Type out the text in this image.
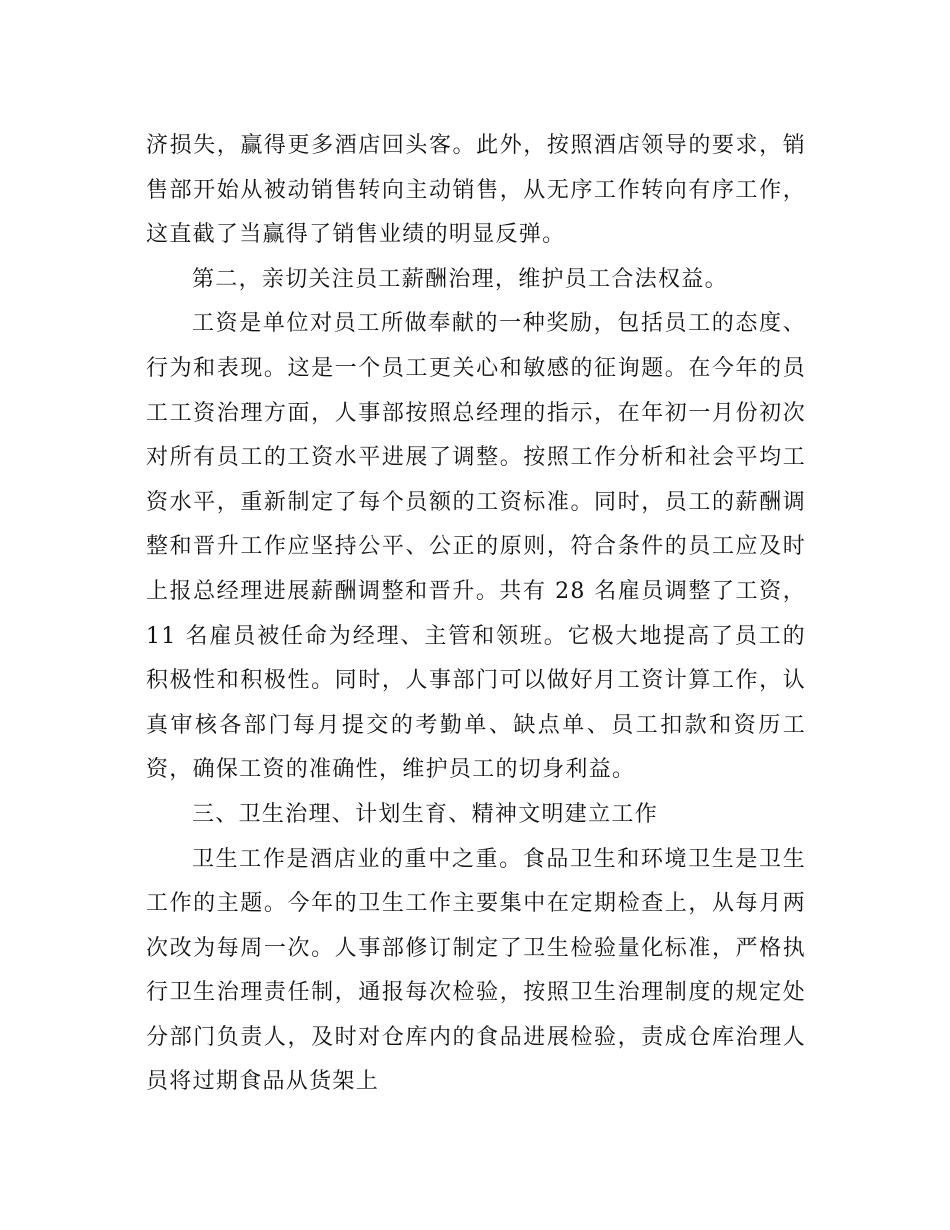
济损失，赢得更多酒店回头客。此外，按照酒店领导的要求，销售部开始从被动销售转向主动销售，从无序工作转向有序工作，这直截了当赢得了销售业绩的明显反弹。

第二，亲切关注员工薪酬治理，维护员工合法权益。

工资是单位对员工所做奉献的一种奖励，包括员工的态度、行为和表现。这是一个员工更关心和敏感的征询题。在今年的员工工资治理方面，人事部按照总经理的指示，在年初一月份初次对所有员工的工资水平进展了调整。按照工作分析和社会平均工资水平，重新制定了每个员额的工资标准。同时，员工的薪酬调整和晋升工作应坚持公平、公正的原则，符合条件的员工应及时上报总经理进展薪酬调整和晋升。共有 28 名雇员调整了工资，11 名雇员被任命为经理、主管和领班。它极大地提高了员工的积极性和积极性。同时，人事部门可以做好月工资计算工作，认真审核各部门每月提交的考勤单、缺点单、员工扣款和资历工资，确保工资的准确性，维护员工的切身利益。

三、卫生治理、计划生育、精神文明建立工作

卫生工作是酒店业的重中之重。食品卫生和环境卫生是卫生工作的主题。今年的卫生工作主要集中在定期检查上，从每月两次改为每周一次。人事部修订制定了卫生检验量化标准，严格执行卫生治理责任制，通报每次检验，按照卫生治理制度的规定处分部门负责人，及时对仓库内的食品进展检验，责成仓库治理人员将过期食品从货架上
